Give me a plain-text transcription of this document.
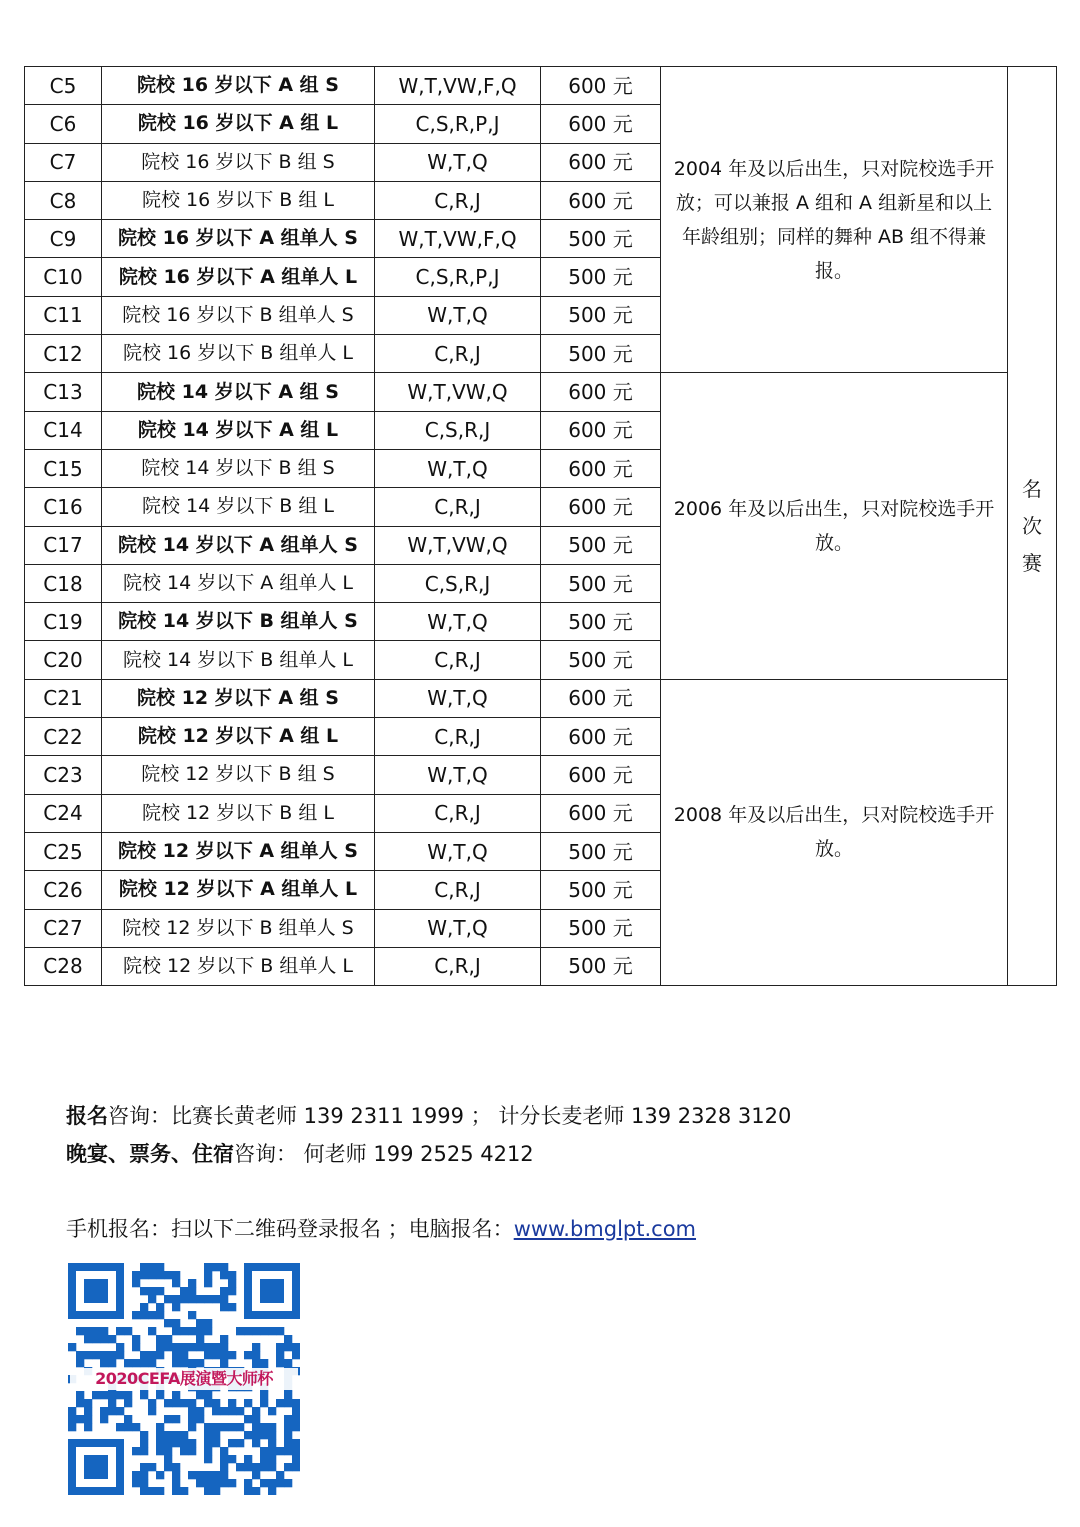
C5	院校 16 岁以下 A 组 S	W,T,VW,F,Q	600 元	2004 年及以后出生，只对院校选手开放；可以兼报 A 组和 A 组新星和以上年龄组别；同样的舞种 AB 组不得兼报。	名次赛
C6	院校 16 岁以下 A 组 L	C,S,R,P,J	600 元		
C7	院校 16 岁以下 B 组 S	W,T,Q	600 元		
C8	院校 16 岁以下 B 组 L	C,R,J	600 元		
C9	院校 16 岁以下 A 组单人 S	W,T,VW,F,Q	500 元		
C10	院校 16 岁以下 A 组单人 L	C,S,R,P,J	500 元		
C11	院校 16 岁以下 B 组单人 S	W,T,Q	500 元		
C12	院校 16 岁以下 B 组单人 L	C,R,J	500 元		
C13	院校 14 岁以下 A 组 S	W,T,VW,Q	600 元	2006 年及以后出生，只对院校选手开放。	
C14	院校 14 岁以下 A 组 L	C,S,R,J	600 元		
C15	院校 14 岁以下 B 组 S	W,T,Q	600 元		
C16	院校 14 岁以下 B 组 L	C,R,J	600 元		
C17	院校 14 岁以下 A 组单人 S	W,T,VW,Q	500 元		
C18	院校 14 岁以下 A 组单人 L	C,S,R,J	500 元		
C19	院校 14 岁以下 B 组单人 S	W,T,Q	500 元		
C20	院校 14 岁以下 B 组单人 L	C,R,J	500 元		
C21	院校 12 岁以下 A 组 S	W,T,Q	600 元	2008 年及以后出生，只对院校选手开放。	
C22	院校 12 岁以下 A 组 L	C,R,J	600 元		
C23	院校 12 岁以下 B 组 S	W,T,Q	600 元		
C24	院校 12 岁以下 B 组 L	C,R,J	600 元		
C25	院校 12 岁以下 A 组单人 S	W,T,Q	500 元		
C26	院校 12 岁以下 A 组单人 L	C,R,J	500 元		
C27	院校 12 岁以下 B 组单人 S	W,T,Q	500 元		
C28	院校 12 岁以下 B 组单人 L	C,R,J	500 元		
报名咨询：比赛长黄老师 139 2311 1999 ； 计分长麦老师 139 2328 3120
晚宴、票务、住宿咨询： 何老师 199 2525 4212
手机报名：扫以下二维码登录报名 ；电脑报名：www.bmglpt.com
2020CEFA展演暨大师杯
